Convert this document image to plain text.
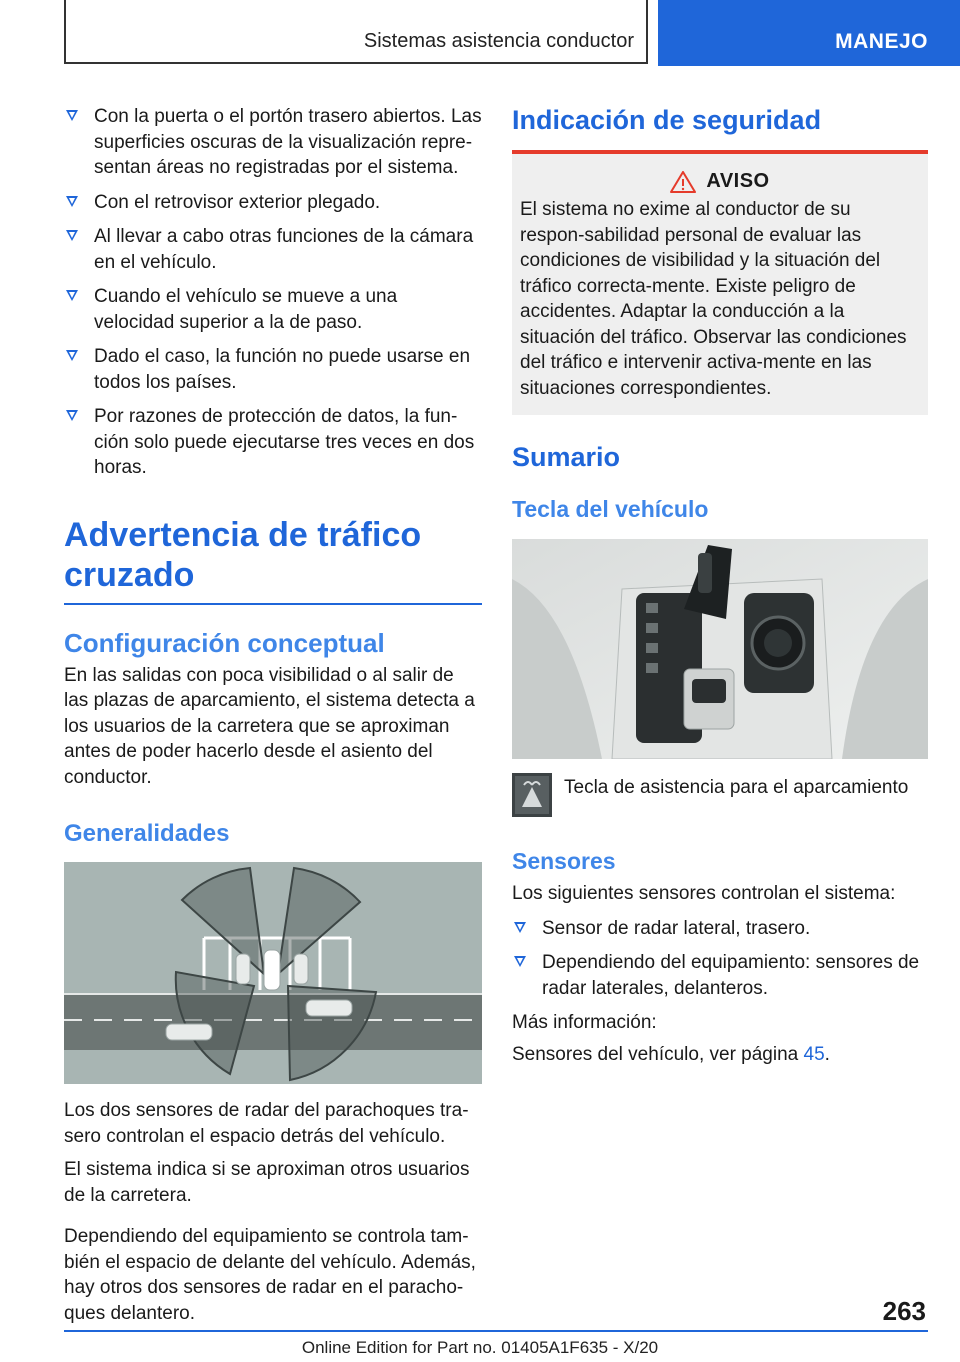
Sistemas asistencia conductor	MANEJO
Con la puerta o el portón trasero abiertos. Las superficies oscuras de la visualización repre-sentan áreas no registradas por el sistema.
Con el retrovisor exterior plegado.
Al llevar a cabo otras funciones de la cámara en el vehículo.
Cuando el vehículo se mueve a una velocidad superior a la de paso.
Dado el caso, la función no puede usarse en todos los países.
Por razones de protección de datos, la fun-ción solo puede ejecutarse tres veces en dos horas.
Advertencia de tráfico cruzado
Configuración conceptual

En las salidas con poca visibilidad o al salir de las plazas de aparcamiento, el sistema detecta a los usuarios de la carretera que se aproximan antes de poder hacerlo desde el asiento del conductor.

Generalidades

Los dos sensores de radar del parachoques tra-sero controlan el espacio detrás del vehículo.

El sistema indica si se aproximan otros usuarios de la carretera.

Dependiendo del equipamiento se controla tam-bién el espacio de delante del vehículo. Además, hay otros dos sensores de radar en el paracho-ques delantero.

Indicación de seguridad
AVISO

El sistema no exime al conductor de su respon-sabilidad personal de evaluar las condiciones de visibilidad y la situación del tráfico correcta-mente. Existe peligro de accidentes. Adaptar la conducción a la situación del tráfico. Observar las condiciones del tráfico e intervenir activa-mente en las situaciones correspondientes.

Sumario
Tecla del vehículo

Tecla de asistencia para el aparcamiento

Sensores

Los siguientes sensores controlan el sistema:

Sensor de radar lateral, trasero.
Dependiendo del equipamiento: sensores de radar laterales, delanteros.

Más información:

Sensores del vehículo, ver página 45.

263
Online Edition for Part no. 01405A1F635 - X/20
